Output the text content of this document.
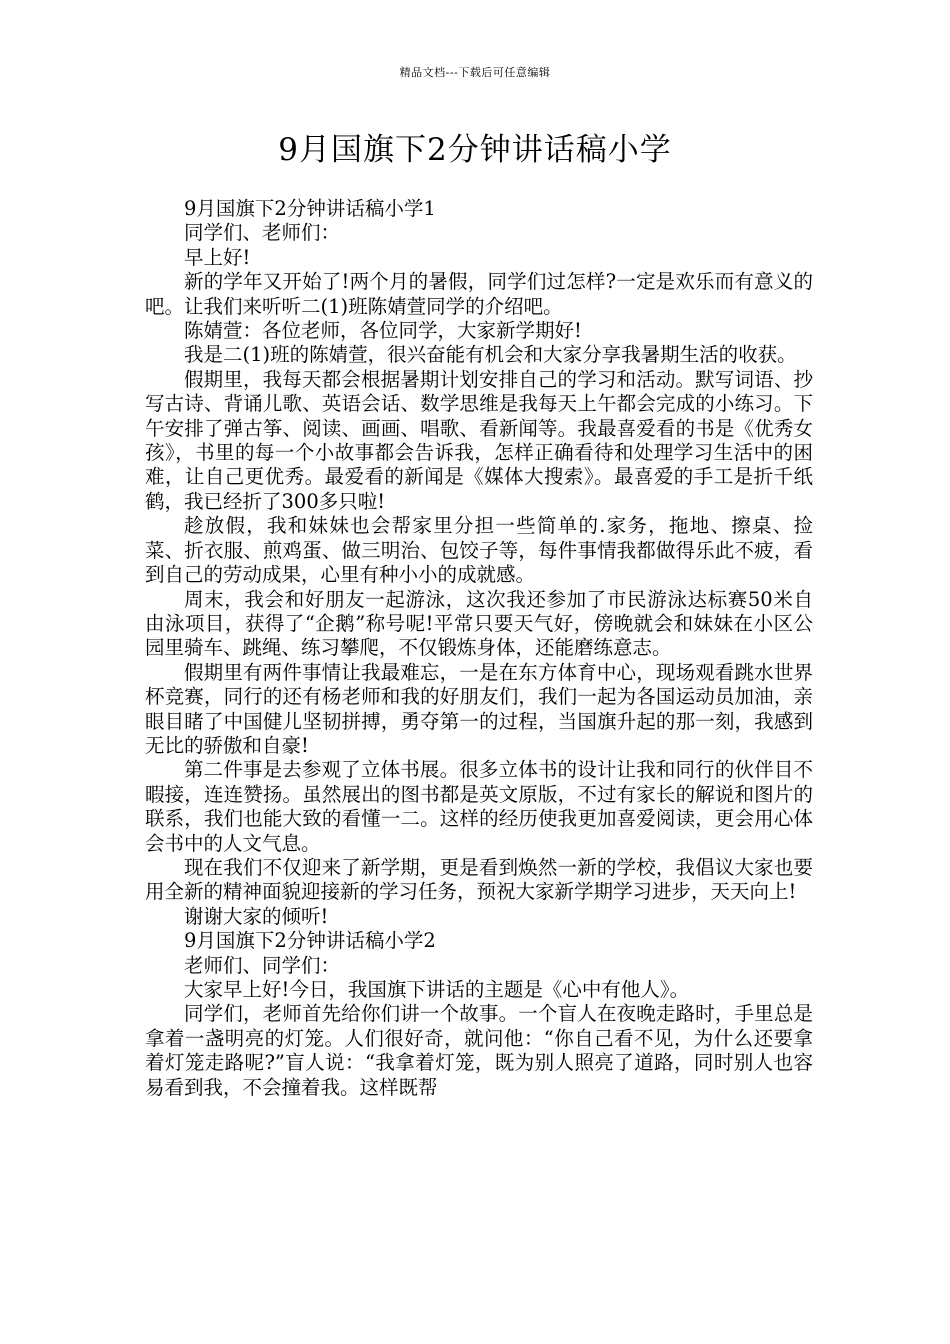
精品文档---下载后可任意编辑
9月国旗下2分钟讲话稿小学

9月国旗下2分钟讲话稿小学1

同学们、老师们：

早上好!

新的学年又开始了!两个月的暑假，同学们过怎样?一定是欢乐而有意义的吧。让我们来听听二(1)班陈婧萱同学的介绍吧。

陈婧萱：各位老师，各位同学，大家新学期好!

我是二(1)班的陈婧萱，很兴奋能有机会和大家分享我暑期生活的收获。

假期里，我每天都会根据暑期计划安排自己的学习和活动。默写词语、抄写古诗、背诵儿歌、英语会话、数学思维是我每天上午都会完成的小练习。下午安排了弹古筝、阅读、画画、唱歌、看新闻等。我最喜爱看的书是《优秀女孩》，书里的每一个小故事都会告诉我，怎样正确看待和处理学习生活中的困难，让自己更优秀。最爱看的新闻是《媒体大搜索》。最喜爱的手工是折千纸鹤，我已经折了300多只啦!

趁放假，我和妹妹也会帮家里分担一些简单的.家务，拖地、擦桌、捡菜、折衣服、煎鸡蛋、做三明治、包饺子等，每件事情我都做得乐此不疲，看到自己的劳动成果，心里有种小小的成就感。

周末，我会和好朋友一起游泳，这次我还参加了市民游泳达标赛50米自由泳项目，获得了“企鹅”称号呢!平常只要天气好，傍晚就会和妹妹在小区公园里骑车、跳绳、练习攀爬，不仅锻炼身体，还能磨练意志。

假期里有两件事情让我最难忘，一是在东方体育中心，现场观看跳水世界杯竞赛，同行的还有杨老师和我的好朋友们，我们一起为各国运动员加油，亲眼目睹了中国健儿坚韧拼搏，勇夺第一的过程，当国旗升起的那一刻，我感到无比的骄傲和自豪!

第二件事是去参观了立体书展。很多立体书的设计让我和同行的伙伴目不暇接，连连赞扬。虽然展出的图书都是英文原版，不过有家长的解说和图片的联系，我们也能大致的看懂一二。这样的经历使我更加喜爱阅读，更会用心体会书中的人文气息。

现在我们不仅迎来了新学期，更是看到焕然一新的学校，我倡议大家也要用全新的精神面貌迎接新的学习任务，预祝大家新学期学习进步，天天向上!

谢谢大家的倾听!

9月国旗下2分钟讲话稿小学2

老师们、同学们：

大家早上好!今日，我国旗下讲话的主题是《心中有他人》。

同学们，老师首先给你们讲一个故事。一个盲人在夜晚走路时，手里总是拿着一盏明亮的灯笼。人们很好奇，就问他：“你自己看不见，为什么还要拿着灯笼走路呢?”盲人说：“我拿着灯笼，既为别人照亮了道路，同时别人也容易看到我，不会撞着我。这样既帮
